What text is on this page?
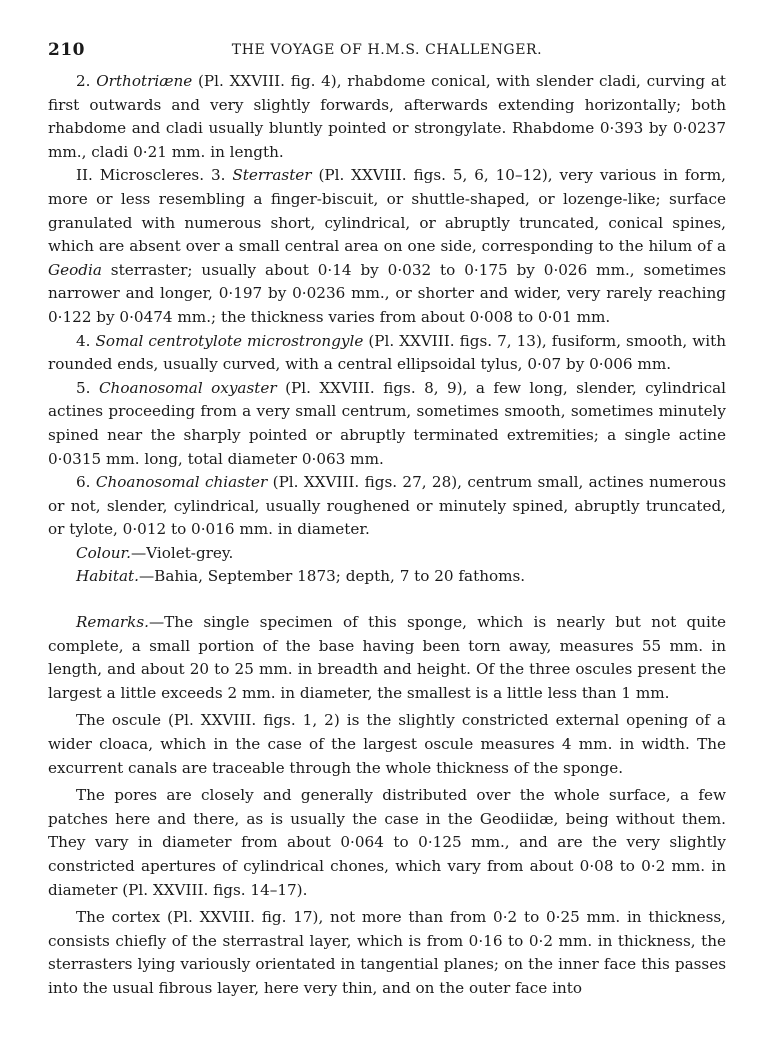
210	THE VOYAGE OF H.M.S. CHALLENGER.

2. Orthotriæne (Pl. XXVIII. fig. 4), rhabdome conical, with slender cladi, curving at first outwards and very slightly forwards, afterwards extending horizontally; both rhabdome and cladi usually bluntly pointed or strongylate. Rhabdome 0·393 by 0·0237 mm., cladi 0·21 mm. in length.

II. Microscleres. 3. Sterraster (Pl. XXVIII. figs. 5, 6, 10–12), very various in form, more or less resembling a finger-biscuit, or shuttle-shaped, or lozenge-like; surface granulated with numerous short, cylindrical, or abruptly truncated, conical spines, which are absent over a small central area on one side, corresponding to the hilum of a Geodia sterraster; usually about 0·14 by 0·032 to 0·175 by 0·026 mm., sometimes narrower and longer, 0·197 by 0·0236 mm., or shorter and wider, very rarely reaching 0·122 by 0·0474 mm.; the thickness varies from about 0·008 to 0·01 mm.

4. Somal centrotylote microstrongyle (Pl. XXVIII. figs. 7, 13), fusiform, smooth, with rounded ends, usually curved, with a central ellipsoidal tylus, 0·07 by 0·006 mm.

5. Choanosomal oxyaster (Pl. XXVIII. figs. 8, 9), a few long, slender, cylindrical actines proceeding from a very small centrum, sometimes smooth, sometimes minutely spined near the sharply pointed or abruptly terminated extremities; a single actine 0·0315 mm. long, total diameter 0·063 mm.

6. Choanosomal chiaster (Pl. XXVIII. figs. 27, 28), centrum small, actines numerous or not, slender, cylindrical, usually roughened or minutely spined, abruptly truncated, or tylote, 0·012 to 0·016 mm. in diameter.

Colour.—Violet-grey.

Habitat.—Bahia, September 1873; depth, 7 to 20 fathoms.

Remarks.—The single specimen of this sponge, which is nearly but not quite complete, a small portion of the base having been torn away, measures 55 mm. in length, and about 20 to 25 mm. in breadth and height. Of the three oscules present the largest a little exceeds 2 mm. in diameter, the smallest is a little less than 1 mm.

The oscule (Pl. XXVIII. figs. 1, 2) is the slightly constricted external opening of a wider cloaca, which in the case of the largest oscule measures 4 mm. in width. The excurrent canals are traceable through the whole thickness of the sponge.

The pores are closely and generally distributed over the whole surface, a few patches here and there, as is usually the case in the Geodiidæ, being without them. They vary in diameter from about 0·064 to 0·125 mm., and are the very slightly constricted apertures of cylindrical chones, which vary from about 0·08 to 0·2 mm. in diameter (Pl. XXVIII. figs. 14–17).

The cortex (Pl. XXVIII. fig. 17), not more than from 0·2 to 0·25 mm. in thickness, consists chiefly of the sterrastral layer, which is from 0·16 to 0·2 mm. in thickness, the sterrasters lying variously orientated in tangential planes; on the inner face this passes into the usual fibrous layer, here very thin, and on the outer face into
